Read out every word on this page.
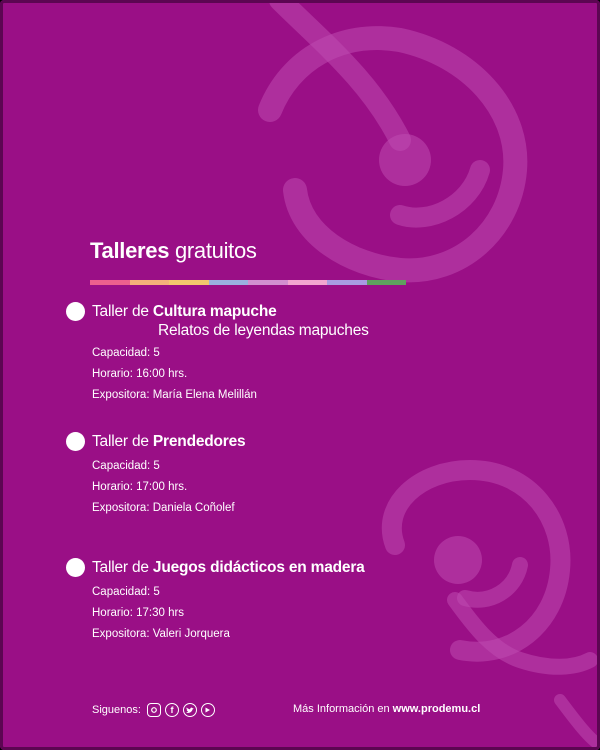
Talleres gratuitos
Taller de Cultura mapuche
Relatos de leyendas mapuches
Capacidad: 5
Horario: 16:00 hrs.
Expositora: María Elena Melillán
Taller de Prendedores
Capacidad: 5
Horario: 17:00 hrs.
Expositora: Daniela Coñolef
Taller de Juegos didácticos en madera
Capacidad: 5
Horario: 17:30 hrs
Expositora: Valeri Jorquera
Siguenos:	f	Más Información en
www.prodemu.cl
